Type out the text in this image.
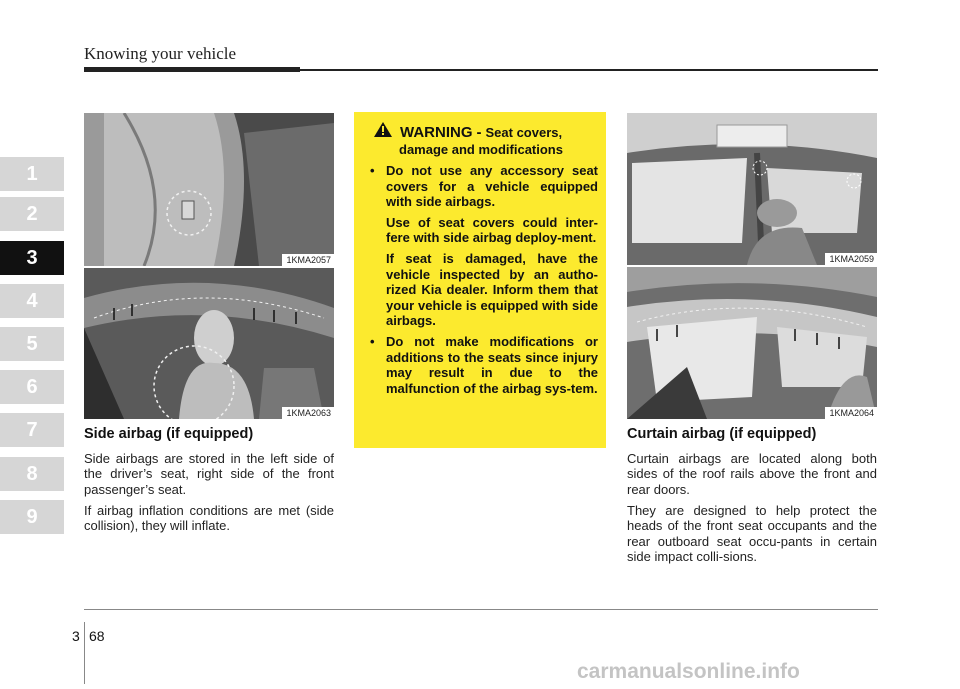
Knowing your vehicle
1
2
3
4
5
6
7
8
9
1KMA2057
1KMA2063
Side airbag (if equipped)
Side airbags are stored in the left side of the driver’s seat, right side of the front passenger’s seat.
If airbag inflation conditions are met (side collision), they will inflate.
WARNING - Seat covers,
damage and modifications
• Do not use any accessory seat covers for a vehicle equipped with side airbags.
Use of seat covers could inter-fere with side airbag deploy-ment.
If seat is damaged, have the vehicle inspected by an autho-rized Kia dealer. Inform them that your vehicle is equipped with side airbags.
• Do not make modifications or additions to the seats since injury may result in due to the malfunction of the airbag sys-tem.
1KMA2059
1KMA2064
Curtain airbag (if equipped)
Curtain airbags are located along both sides of the roof rails above the front and rear doors.
They are designed to help protect the heads of the front seat occupants and the rear outboard seat occu-pants in certain side impact colli-sions.
3 68
carmanualsonline.info
